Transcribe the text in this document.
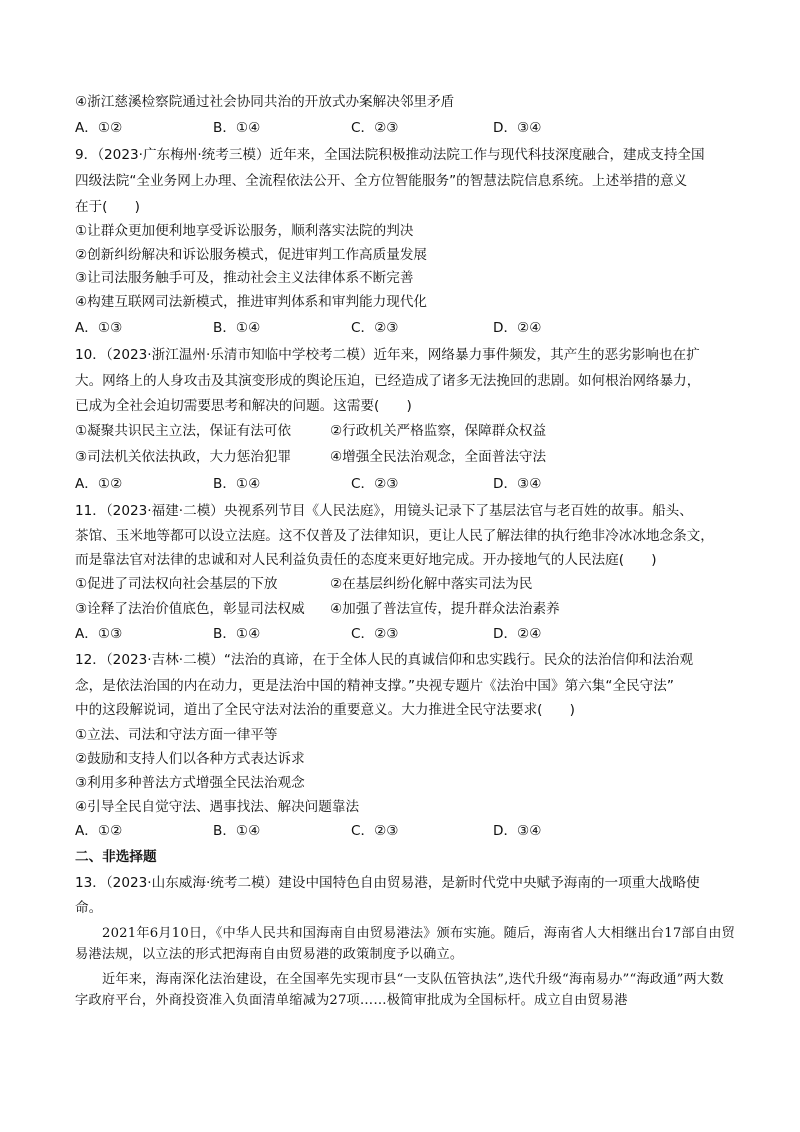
④浙江慈溪检察院通过社会协同共治的开放式办案解决邻里矛盾
A．①②	B．①④	C．②③	D．③④
9．（2023·广东梅州·统考三模）近年来，全国法院积极推动法院工作与现代科技深度融合，建成支持全国
四级法院“全业务网上办理、全流程依法公开、全方位智能服务”的智慧法院信息系统。上述举措的意义
在于(　　)
①让群众更加便利地享受诉讼服务，顺利落实法院的判决
②创新纠纷解决和诉讼服务模式，促进审判工作高质量发展
③让司法服务触手可及，推动社会主义法律体系不断完善
④构建互联网司法新模式，推进审判体系和审判能力现代化
A．①③	B．①④	C．②③	D．②④
10．（2023·浙江温州·乐清市知临中学校考二模）近年来，网络暴力事件频发，其产生的恶劣影响也在扩
大。网络上的人身攻击及其演变形成的舆论压迫，已经造成了诸多无法挽回的悲剧。如何根治网络暴力，
已成为全社会迫切需要思考和解决的问题。这需要(　　)
①凝聚共识民主立法，保证有法可依	②行政机关严格监察，保障群众权益
③司法机关依法执政，大力惩治犯罪	④增强全民法治观念，全面普法守法
A．①②	B．①④	C．②③	D．③④
11．（2023·福建·二模）央视系列节目《人民法庭》，用镜头记录下了基层法官与老百姓的故事。船头、
茶馆、玉米地等都可以设立法庭。这不仅普及了法律知识，更让人民了解法律的执行绝非冷冰冰地念条文，
而是靠法官对法律的忠诚和对人民利益负责任的态度来更好地完成。开办接地气的人民法庭(　　)
①促进了司法权向社会基层的下放	②在基层纠纷化解中落实司法为民
③诠释了法治价值底色，彰显司法权威 ④加强了普法宣传，提升群众法治素养
A．①③	B．①④	C．②③	D．②④
12．（2023·吉林·二模）“法治的真谛，在于全体人民的真诚信仰和忠实践行。民众的法治信仰和法治观
念，是依法治国的内在动力，更是法治中国的精神支撑。”央视专题片《法治中国》第六集“全民守法”
中的这段解说词，道出了全民守法对法治的重要意义。大力推进全民守法要求(　　)
①立法、司法和守法方面一律平等
②鼓励和支持人们以各种方式表达诉求
③利用多种普法方式增强全民法治观念
④引导全民自觉守法、遇事找法、解决问题靠法
A．①②	B．①④	C．②③	D．③④
二、非选择题
13．（2023·山东威海·统考二模）建设中国特色自由贸易港，是新时代党中央赋予海南的一项重大战略使
命。
2021年6月10日，《中华人民共和国海南自由贸易港法》颁布实施。随后，海南省人大相继出台17部自由贸易港法规，以立法的形式把海南自由贸易港的政策制度予以确立。
近年来，海南深化法治建设，在全国率先实现市县“一支队伍管执法”,迭代升级“海南易办”“海政通”两大数字政府平台，外商投资准入负面清单缩减为27项……极简审批成为全国标杆。成立自由贸易港
